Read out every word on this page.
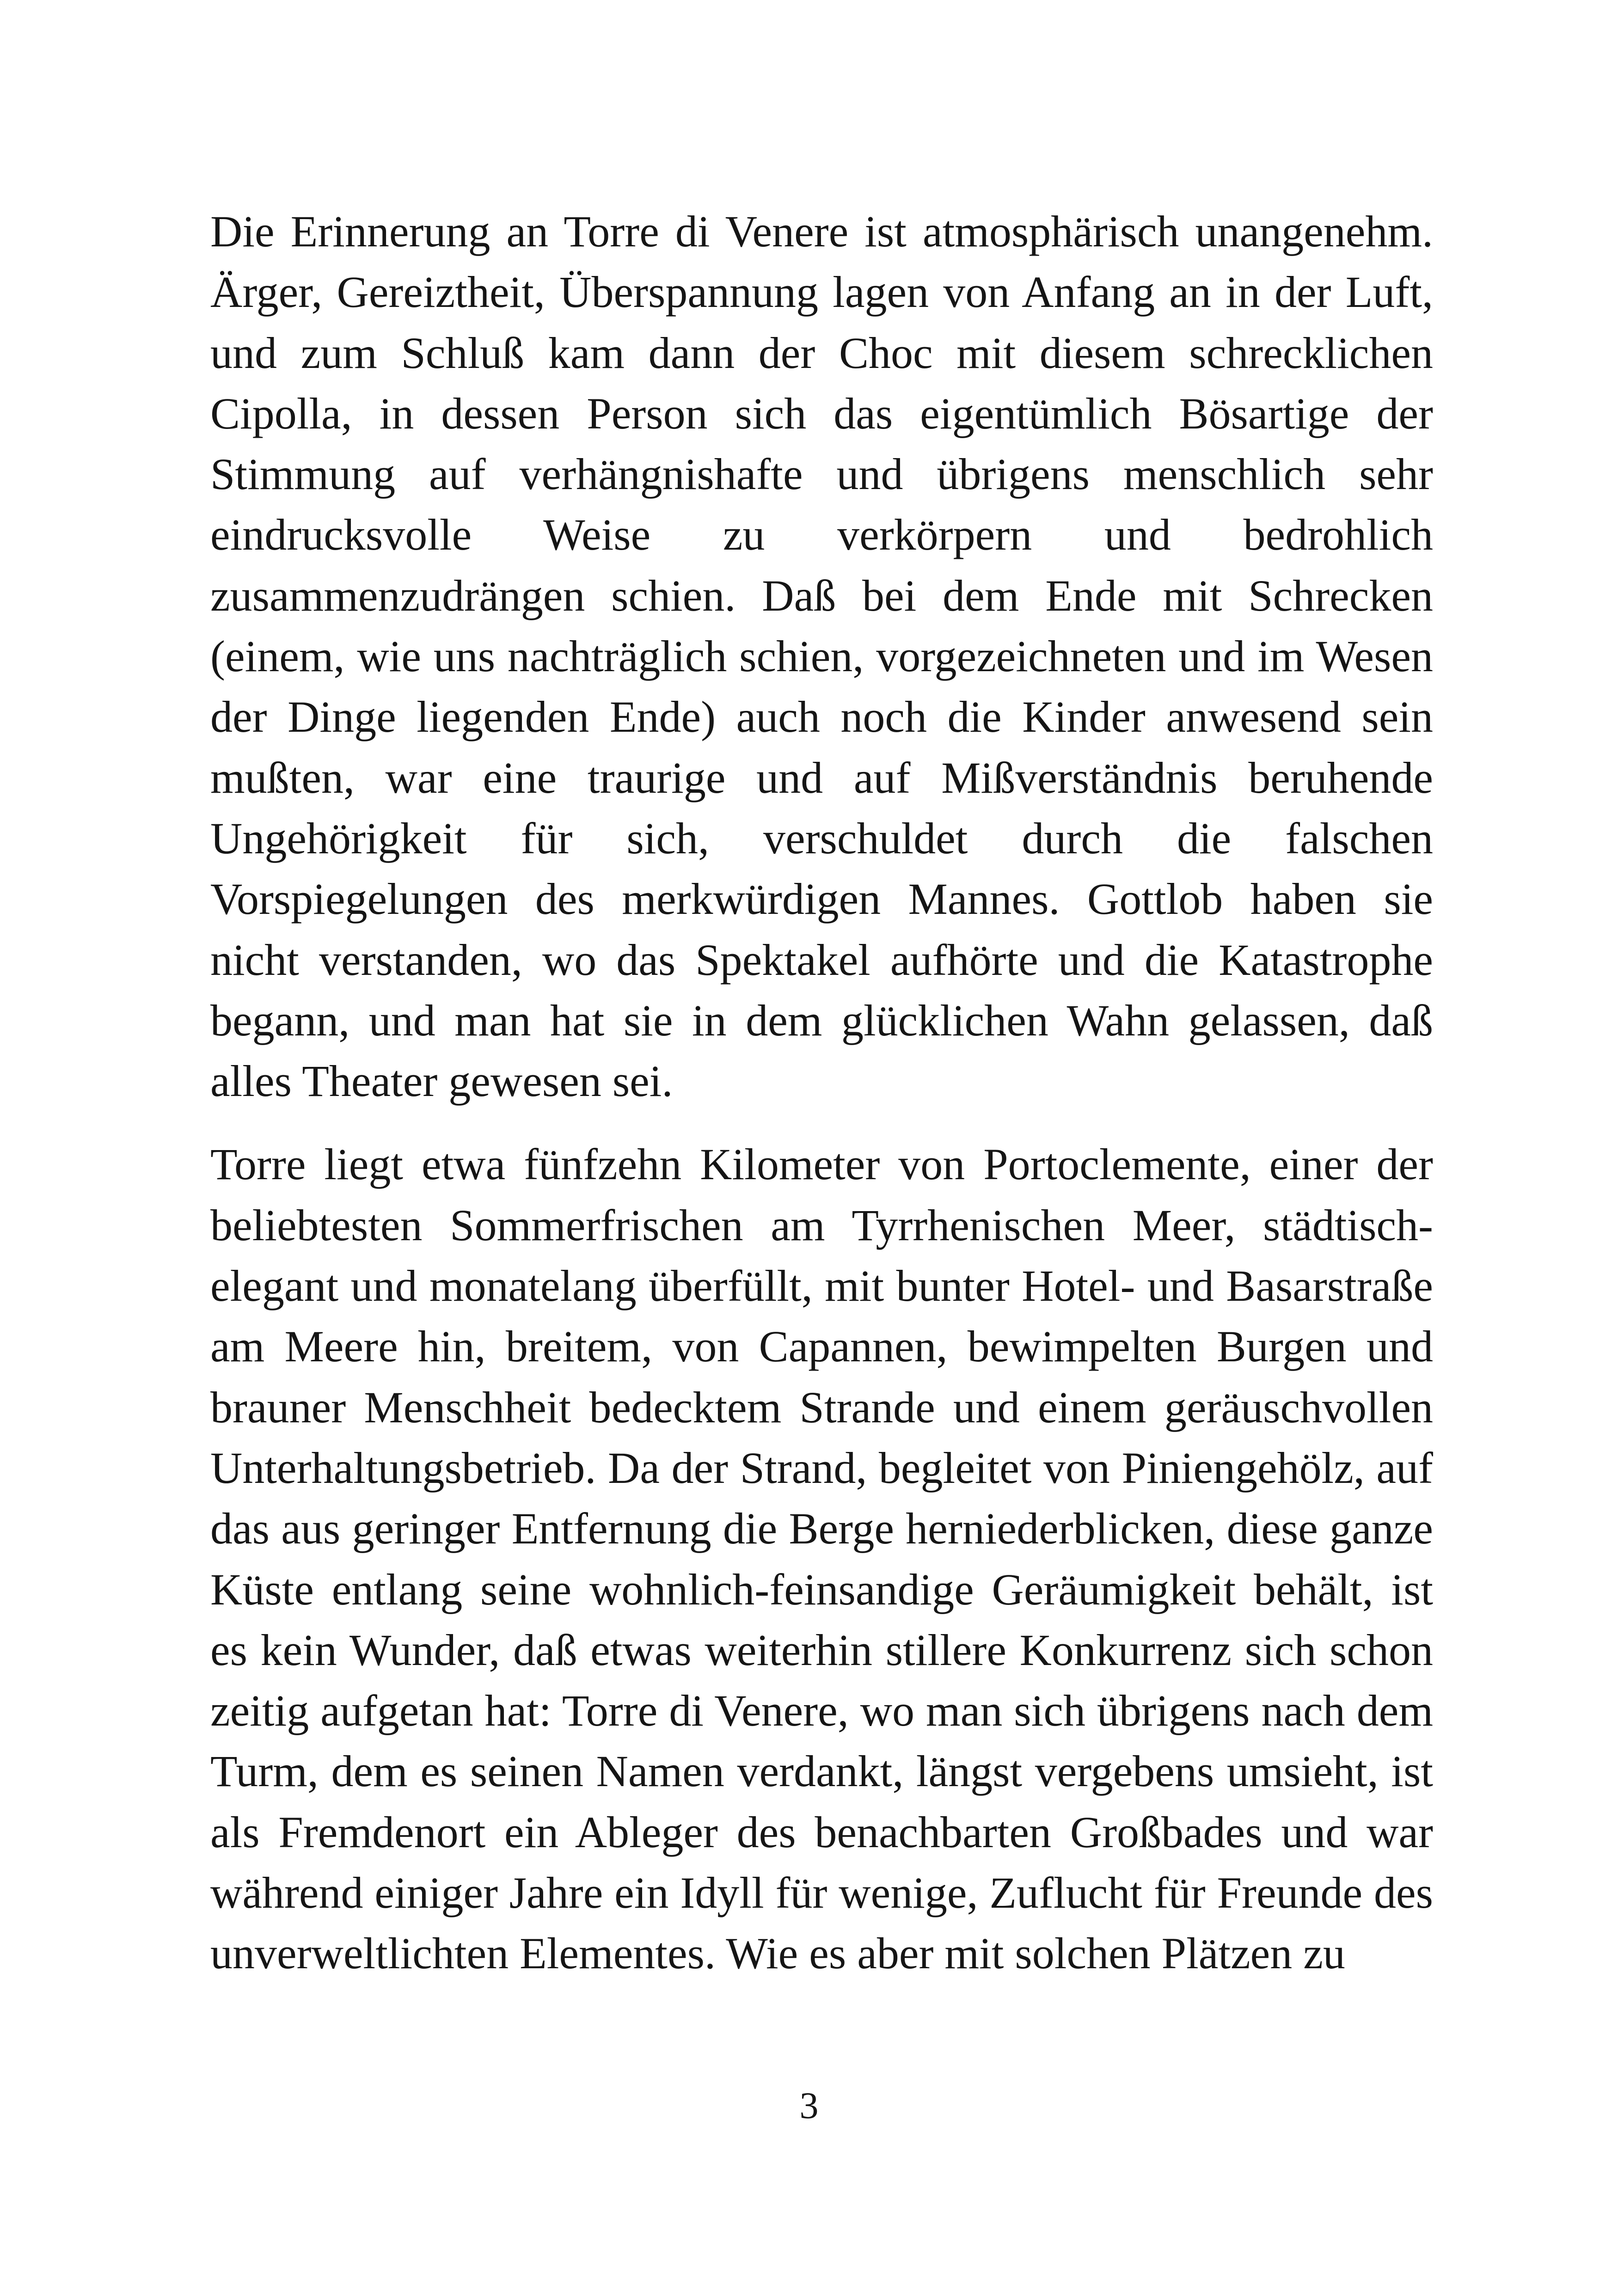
Die Erinnerung an Torre di Venere ist atmosphärisch unangenehm. Ärger, Gereiztheit, Überspannung lagen von Anfang an in der Luft, und zum Schluß kam dann der Choc mit diesem schrecklichen Cipolla, in dessen Person sich das eigentümlich Bösartige der Stimmung auf verhängnishafte und übrigens menschlich sehr eindrucksvolle Weise zu verkörpern und bedrohlich zusammenzudrängen schien. Daß bei dem Ende mit Schrecken (einem, wie uns nachträglich schien, vorgezeichneten und im Wesen der Dinge liegenden Ende) auch noch die Kinder anwesend sein mußten, war eine traurige und auf Mißverständnis beruhende Ungehörigkeit für sich, verschuldet durch die falschen Vorspiegelungen des merkwürdigen Mannes. Gottlob haben sie nicht verstanden, wo das Spektakel aufhörte und die Katastrophe begann, und man hat sie in dem glücklichen Wahn gelassen, daß alles Theater gewesen sei.

Torre liegt etwa fünfzehn Kilometer von Portoclemente, einer der beliebtesten Sommerfrischen am Tyrrhenischen Meer, städtisch-elegant und monatelang überfüllt, mit bunter Hotel- und Basarstraße am Meere hin, breitem, von Capannen, bewimpelten Burgen und brauner Menschheit bedecktem Strande und einem geräuschvollen Unterhaltungsbetrieb. Da der Strand, begleitet von Piniengehölz, auf das aus geringer Entfernung die Berge herniederblicken, diese ganze Küste entlang seine wohnlich-feinsandige Geräumigkeit behält, ist es kein Wunder, daß etwas weiterhin stillere Konkurrenz sich schon zeitig aufgetan hat: Torre di Venere, wo man sich übrigens nach dem Turm, dem es seinen Namen verdankt, längst vergebens umsieht, ist als Fremdenort ein Ableger des benachbarten Großbades und war während einiger Jahre ein Idyll für wenige, Zuflucht für Freunde des unverweltlichten Elementes. Wie es aber mit solchen Plätzen zu

3
